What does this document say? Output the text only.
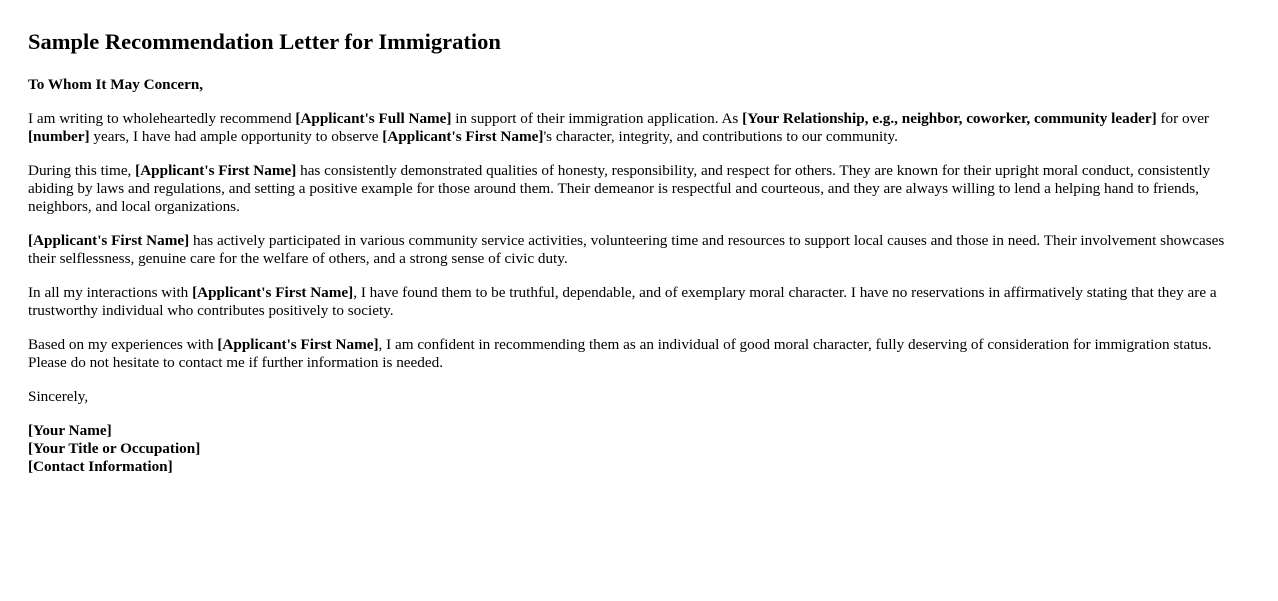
Sample Recommendation Letter for Immigration

To Whom It May Concern,

I am writing to wholeheartedly recommend [Applicant's Full Name] in support of their immigration application. As [Your Relationship, e.g., neighbor, coworker, community leader] for over [number] years, I have had ample opportunity to observe [Applicant's First Name]'s character, integrity, and contributions to our community.

During this time, [Applicant's First Name] has consistently demonstrated qualities of honesty, responsibility, and respect for others. They are known for their upright moral conduct, consistently abiding by laws and regulations, and setting a positive example for those around them. Their demeanor is respectful and courteous, and they are always willing to lend a helping hand to friends, neighbors, and local organizations.

[Applicant's First Name] has actively participated in various community service activities, volunteering time and resources to support local causes and those in need. Their involvement showcases their selflessness, genuine care for the welfare of others, and a strong sense of civic duty.

In all my interactions with [Applicant's First Name], I have found them to be truthful, dependable, and of exemplary moral character. I have no reservations in affirmatively stating that they are a trustworthy individual who contributes positively to society.

Based on my experiences with [Applicant's First Name], I am confident in recommending them as an individual of good moral character, fully deserving of consideration for immigration status. Please do not hesitate to contact me if further information is needed.

Sincerely,

[Your Name]

[Your Title or Occupation]

[Contact Information]
